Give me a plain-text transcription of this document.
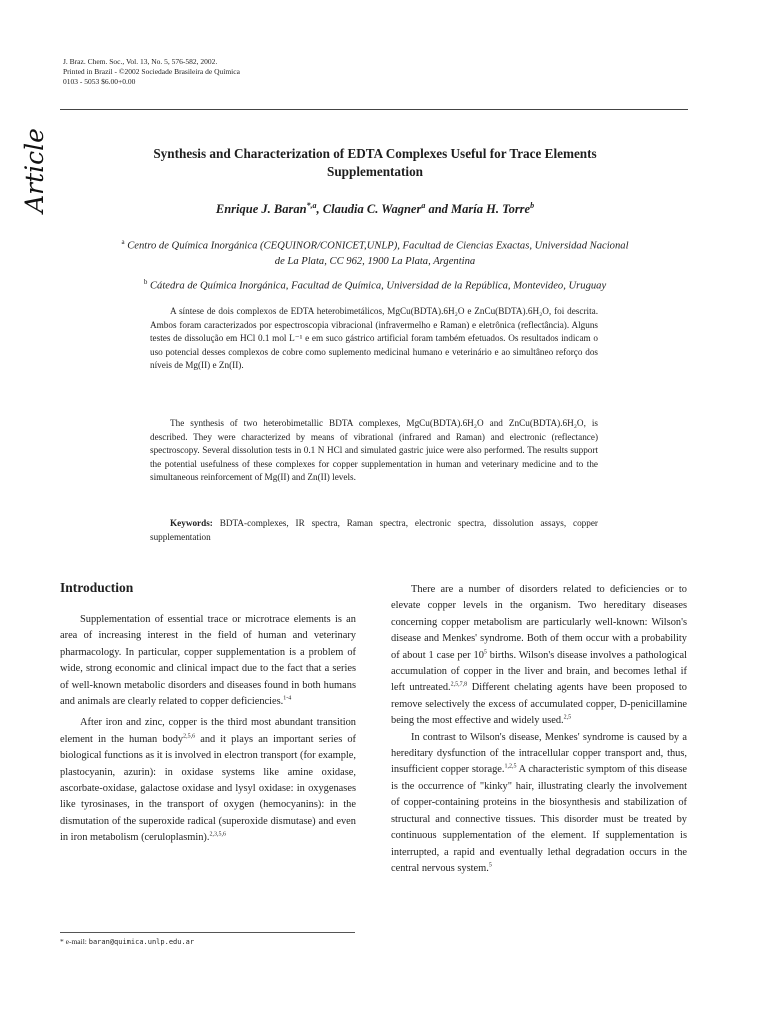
J. Braz. Chem. Soc., Vol. 13, No. 5, 576-582, 2002.
Printed in Brazil - ©2002 Sociedade Brasileira de Química
0103 - 5053 $6.00+0.00
Article	Synthesis and Characterization of EDTA Complexes Useful for Trace Elements
Supplementation
Enrique J. Baran$^{*,a}$, Claudia C. Wagner$^a$ and María H. Torre$^b$
$^a$ Centro de Química Inorgánica (CEQUINOR/CONICET,UNLP), Facultad de Ciencias Exactas, Universidad Nacional
de La Plata, CC 962, 1900 La Plata, Argentina
$^b$ Cátedra de Química Inorgánica, Facultad de Química, Universidad de la República, Montevideo, Uruguay

A síntese de dois complexos de EDTA heterobimetálicos, MgCu(BDTA).6H₂O e ZnCu(BDTA).6H₂O, foi descrita. Ambos foram caracterizados por espectroscopia vibracional (infravermelho e Raman) e eletrônica (reflectância). Alguns testes de dissolução em HCl 0.1 mol L⁻¹ e em suco gástrico artificial foram também efetuados. Os resultados indicam o uso potencial desses complexos de cobre como suplemento medicinal humano e veterinário e ao simultâneo reforço dos níveis de Mg(II) e Zn(II).

The synthesis of two heterobimetallic BDTA complexes, MgCu(BDTA).6H₂O and ZnCu(BDTA).6H₂O, is described. They were characterized by means of vibrational (infrared and Raman) and electronic (reflectance) spectroscopy. Several dissolution tests in 0.1 N HCl and simulated gastric juice were also performed. The results support the potential usefulness of these complexes for copper supplementation in human and veterinary medicine and to the simultaneous reinforcement of Mg(II) and Zn(II) levels.

Keywords: BDTA-complexes, IR spectra, Raman spectra, electronic spectra, dissolution assays, copper supplementation

Introduction

Supplementation of essential trace or microtrace elements is an area of increasing interest in the field of human and veterinary pharmacology. In particular, copper supplementation is a problem of wide, strong economic and clinical impact due to the fact that a series of well-known metabolic disorders and diseases found in both humans and animals are clearly related to copper deficiencies.$^{1-4}$

After iron and zinc, copper is the third most abundant transition element in the human body$^{2,5,6}$ and it plays an important series of biological functions as it is involved in electron transport (for example, plastocyanin, azurin): in oxidase systems like amine oxidase, ascorbate-oxidase, galactose oxidase and lysyl oxidase: in oxygenases like tyrosinases, in the transport of oxygen (hemocyanins): in the dismutation of the superoxide radical (superoxide dismutase) and even in iron metabolism (ceruloplasmin).$^{2,3,5,6}$

There are a number of disorders related to deficiencies or to elevate copper levels in the organism. Two hereditary diseases concerning copper metabolism are particularly well-known: Wilson's disease and Menkes' syndrome. Both of them occur with a probability of about 1 case per $10^5$ births. Wilson's disease involves a pathological accumulation of copper in the liver and brain, and becomes lethal if left untreated.$^{2,5,7,8}$ Different chelating agents have been proposed to remove selectively the excess of accumulated copper, D-penicillamine being the most effective and widely used.$^{2,5}$

In contrast to Wilson's disease, Menkes' syndrome is caused by a hereditary dysfunction of the intracellular copper transport and, thus, insufficient copper storage.$^{1,2,5}$ A characteristic symptom of this disease is the occurrence of "kinky" hair, illustrating clearly the involvement of copper-containing proteins in the biosynthesis and stabilization of structural and connective tissues. This disorder must be treated by continuous supplementation of the element. If supplementation is interrupted, a rapid and eventually lethal degradation occurs in the central nervous system.$^5$

* e-mail: baran@quimica.unlp.edu.ar
